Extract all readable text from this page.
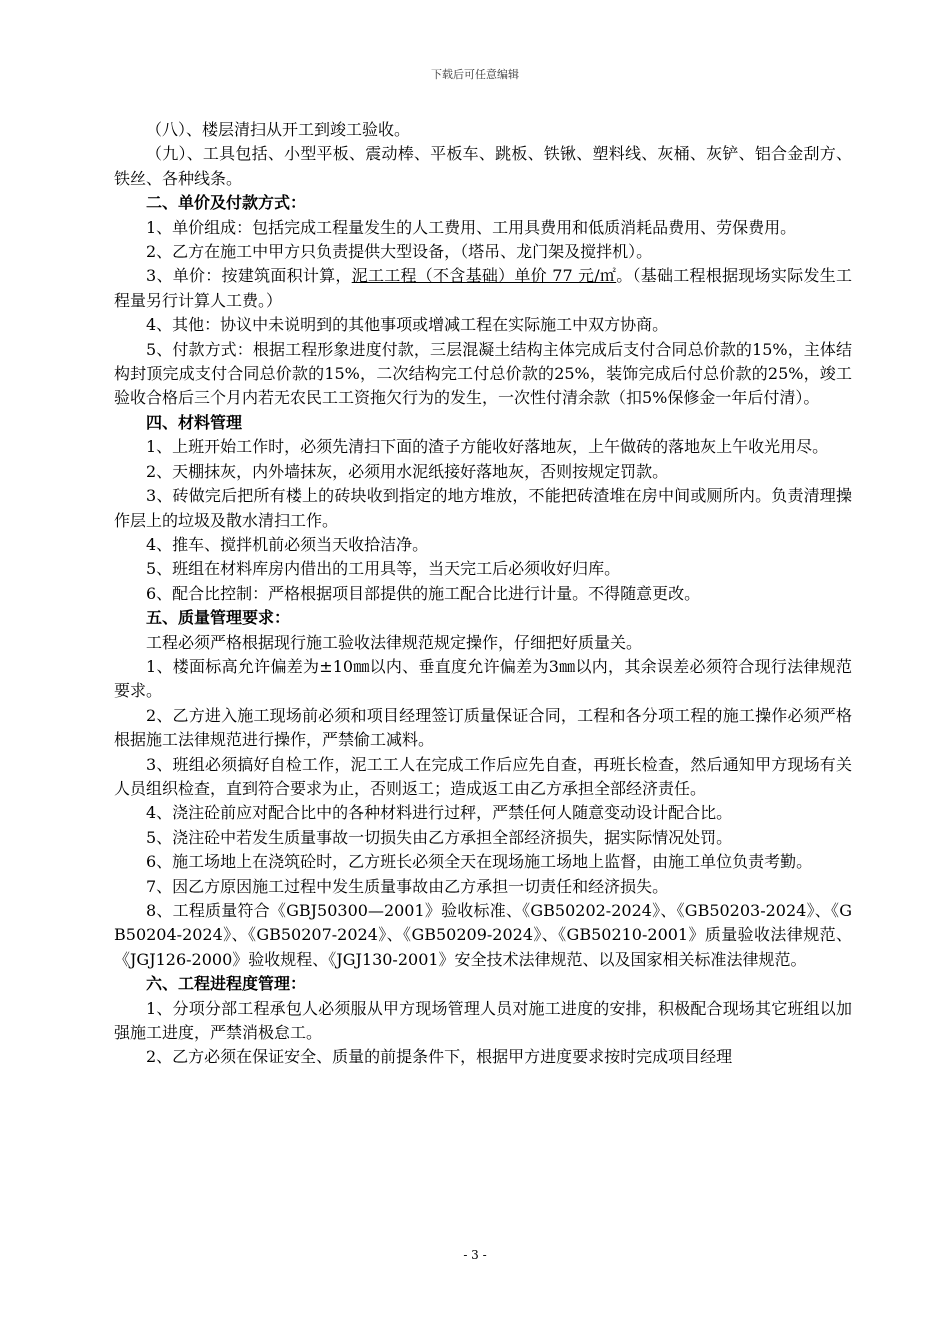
下载后可任意编辑

（八）、楼层清扫从开工到竣工验收。

（九）、工具包括、小型平板、震动棒、平板车、跳板、铁锹、塑料线、灰桶、灰铲、铝合金刮方、铁丝、各种线条。

二、单价及付款方式：

1、单价组成：包括完成工程量发生的人工费用、工用具费用和低质消耗品费用、劳保费用。

2、乙方在施工中甲方只负责提供大型设备，（塔吊、龙门架及搅拌机）。

3、单价：按建筑面积计算，泥工工程（不含基础）单价 77 元/㎡。（基础工程根据现场实际发生工程量另行计算人工费。）

4、其他：协议中未说明到的其他事项或增减工程在实际施工中双方协商。

5、付款方式：根据工程形象进度付款，三层混凝土结构主体完成后支付合同总价款的15%，主体结构封顶完成支付合同总价款的15%，二次结构完工付总价款的25%，装饰完成后付总价款的25%，竣工验收合格后三个月内若无农民工工资拖欠行为的发生，一次性付清余款（扣5%保修金一年后付清）。

四、材料管理

1、上班开始工作时，必须先清扫下面的渣子方能收好落地灰，上午做砖的落地灰上午收光用尽。

2、天棚抹灰，内外墙抹灰，必须用水泥纸接好落地灰，否则按规定罚款。

3、砖做完后把所有楼上的砖块收到指定的地方堆放，不能把砖渣堆在房中间或厕所内。负责清理操作层上的垃圾及散水清扫工作。

4、推车、搅拌机前必须当天收拾洁净。

5、班组在材料库房内借出的工用具等，当天完工后必须收好归库。

6、配合比控制：严格根据项目部提供的施工配合比进行计量。不得随意更改。

五、质量管理要求：

工程必须严格根据现行施工验收法律规范规定操作，仔细把好质量关。

1、楼面标高允许偏差为±10㎜以内、垂直度允许偏差为3㎜以内，其余误差必须符合现行法律规范要求。

2、乙方进入施工现场前必须和项目经理签订质量保证合同，工程和各分项工程的施工操作必须严格根据施工法律规范进行操作，严禁偷工减料。

3、班组必须搞好自检工作，泥工工人在完成工作后应先自查，再班长检查，然后通知甲方现场有关人员组织检查，直到符合要求为止，否则返工；造成返工由乙方承担全部经济责任。

4、浇注砼前应对配合比中的各种材料进行过秤，严禁任何人随意变动设计配合比。

5、浇注砼中若发生质量事故一切损失由乙方承担全部经济损失，据实际情况处罚。

6、施工场地上在浇筑砼时，乙方班长必须全天在现场施工场地上监督，由施工单位负责考勤。

7、因乙方原因施工过程中发生质量事故由乙方承担一切责任和经济损失。

8、工程质量符合《GBJ50300—2001》验收标准、《GB50202-2024》、《GB50203-2024》、《GB50204-2024》、《GB50207-2024》、《GB50209-2024》、《GB50210-2001》质量验收法律规范、《JGJ126-2000》验收规程、《JGJ130-2001》安全技术法律规范、以及国家相关标准法律规范。

六、工程进程度管理：

1、分项分部工程承包人必须服从甲方现场管理人员对施工进度的安排，积极配合现场其它班组以加强施工进度，严禁消极怠工。

2、乙方必须在保证安全、质量的前提条件下，根据甲方进度要求按时完成项目经理

- 3 -
